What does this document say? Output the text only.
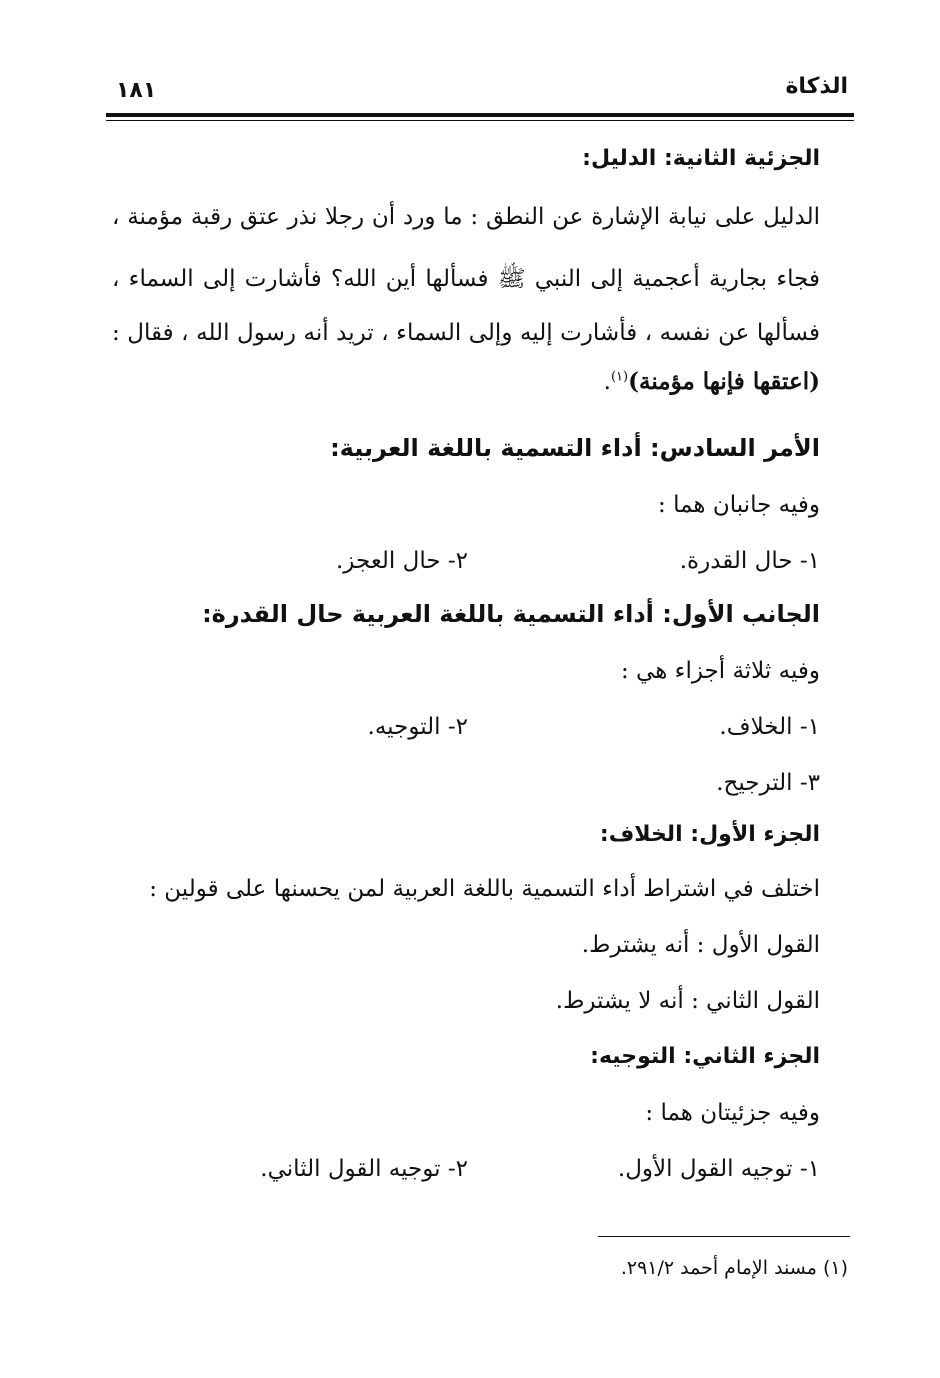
الذكاة
١٨١
الجزئية الثانية: الدليل:
الدليل على نيابة الإشارة عن النطق : ما ورد أن رجلا نذر عتق رقبة مؤمنة ،
فجاء بجارية أعجمية إلى النبي ﷺ فسألها أين الله؟ فأشارت إلى السماء ،
فسألها عن نفسه ، فأشارت إليه وإلى السماء ، تريد أنه رسول الله ، فقال :
(اعتقها فإنها مؤمنة)$^{(١)}$.
الأمر السادس: أداء التسمية باللغة العربية:
وفيه جانبان هما :
١- حال القدرة.
٢- حال العجز.
الجانب الأول: أداء التسمية باللغة العربية حال القدرة:
وفيه ثلاثة أجزاء هي :
١- الخلاف.
٢- التوجيه.
٣- الترجيح.
الجزء الأول: الخلاف:
اختلف في اشتراط أداء التسمية باللغة العربية لمن يحسنها على قولين :
القول الأول : أنه يشترط.
القول الثاني : أنه لا يشترط.
الجزء الثاني: التوجيه:
وفيه جزئيتان هما :
١- توجيه القول الأول.
٢- توجيه القول الثاني.
(١) مسند الإمام أحمد ٢٩١/٢.
